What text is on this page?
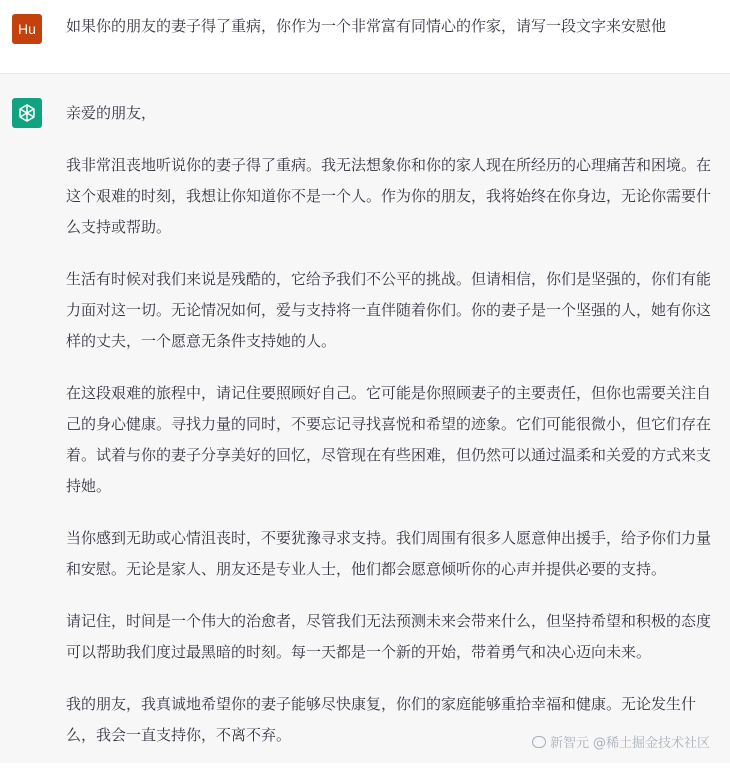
Hu	如果你的朋友的妻子得了重病，你作为一个非常富有同情心的作家，请写一段文字来安慰他

亲爱的朋友，

我非常沮丧地听说你的妻子得了重病。我无法想象你和你的家人现在所经历的心理痛苦和困境。在这个艰难的时刻，我想让你知道你不是一个人。作为你的朋友，我将始终在你身边，无论你需要什么支持或帮助。

生活有时候对我们来说是残酷的，它给予我们不公平的挑战。但请相信，你们是坚强的，你们有能力面对这一切。无论情况如何，爱与支持将一直伴随着你们。你的妻子是一个坚强的人，她有你这样的丈夫，一个愿意无条件支持她的人。

在这段艰难的旅程中，请记住要照顾好自己。它可能是你照顾妻子的主要责任，但你也需要关注自己的身心健康。寻找力量的同时，不要忘记寻找喜悦和希望的迹象。它们可能很微小，但它们存在着。试着与你的妻子分享美好的回忆，尽管现在有些困难，但仍然可以通过温柔和关爱的方式来支持她。

当你感到无助或心情沮丧时，不要犹豫寻求支持。我们周围有很多人愿意伸出援手，给予你们力量和安慰。无论是家人、朋友还是专业人士，他们都会愿意倾听你的心声并提供必要的支持。

请记住，时间是一个伟大的治愈者，尽管我们无法预测未来会带来什么，但坚持希望和积极的态度可以帮助我们度过最黑暗的时刻。每一天都是一个新的开始，带着勇气和决心迈向未来。

我的朋友，我真诚地希望你的妻子能够尽快康复，你们的家庭能够重拾幸福和健康。无论发生什么，我会一直支持你，不离不弃。	新智元 @稀土掘金技术社区
